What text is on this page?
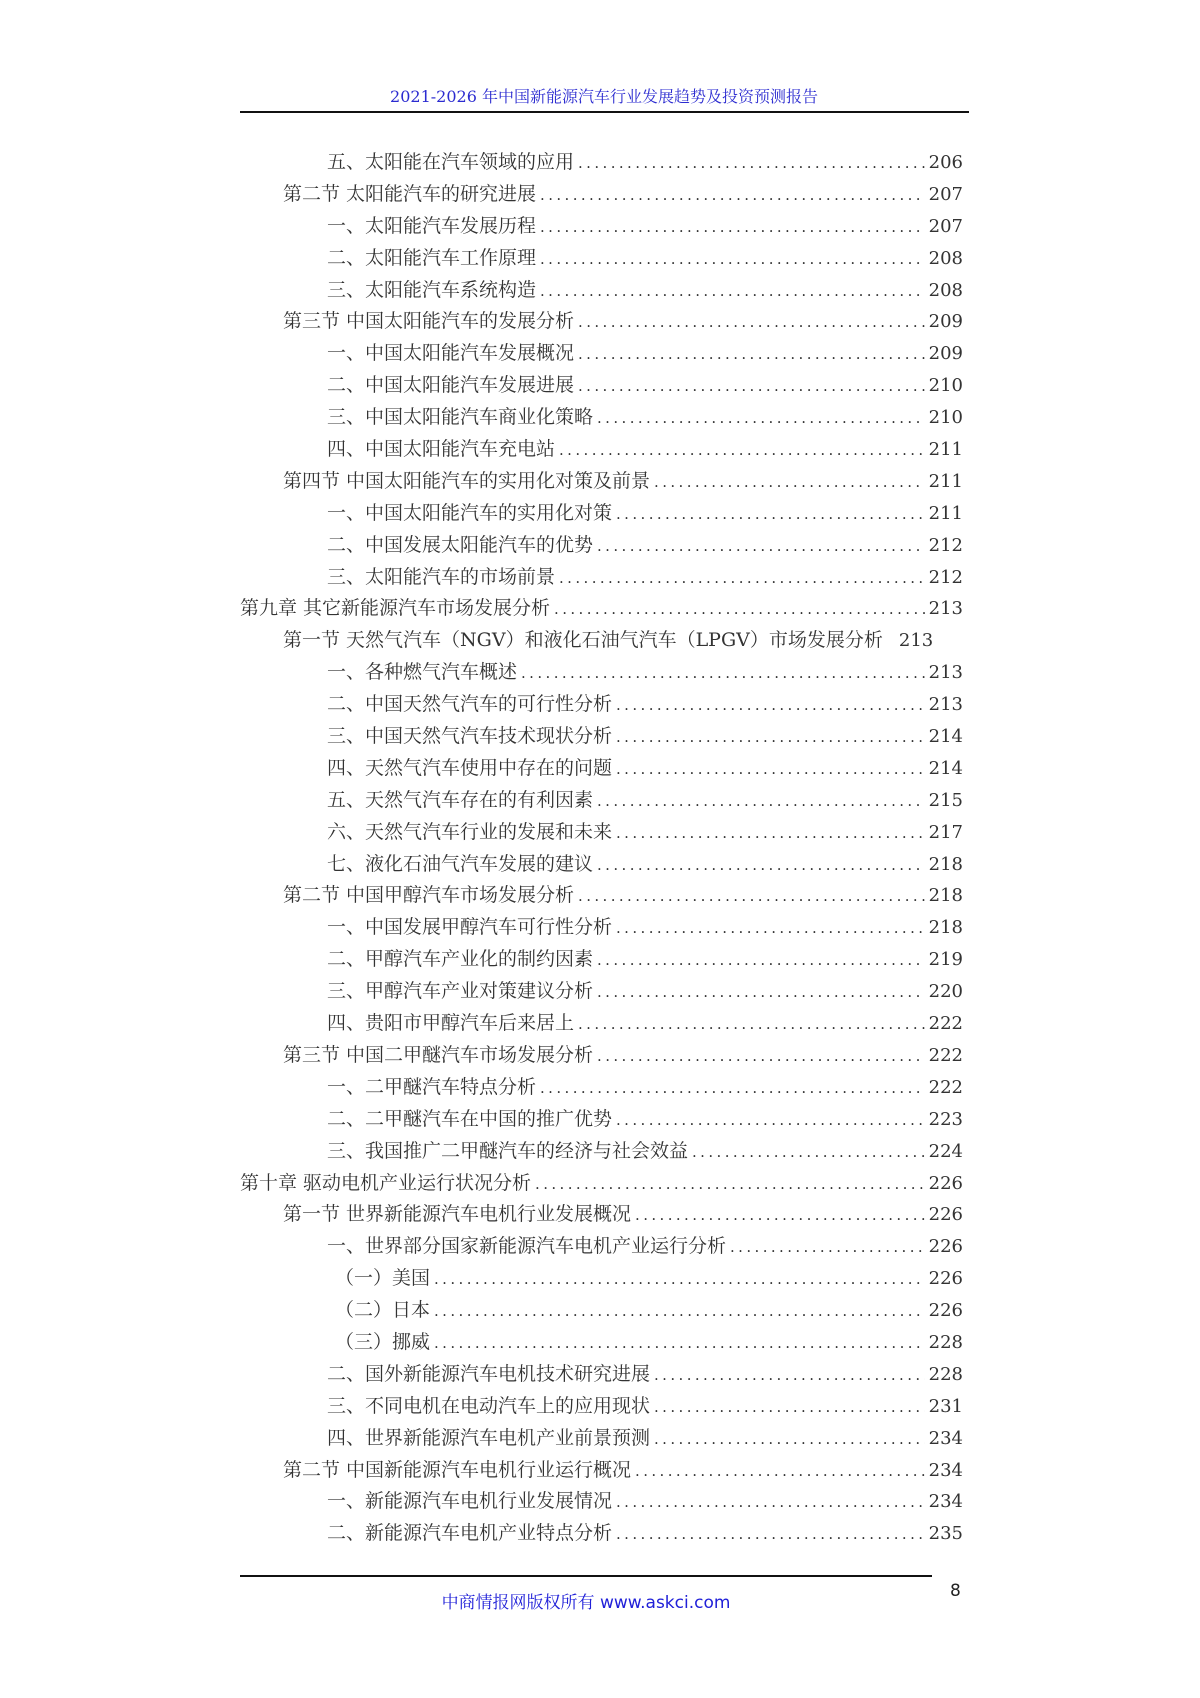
2021-2026 年中国新能源汽车行业发展趋势及投资预测报告
五、太阳能在汽车领域的应用 .....	206
第二节 太阳能汽车的研究进展 .....	207
一、太阳能汽车发展历程 .....	207
二、太阳能汽车工作原理 .....	208
三、太阳能汽车系统构造 .....	208
第三节 中国太阳能汽车的发展分析 .....	209
一、中国太阳能汽车发展概况 .....	209
二、中国太阳能汽车发展进展 .....	210
三、中国太阳能汽车商业化策略 .....	210
四、中国太阳能汽车充电站 .....	211
第四节 中国太阳能汽车的实用化对策及前景 .....	211
一、中国太阳能汽车的实用化对策 .....	211
二、中国发展太阳能汽车的优势 .....	212
三、太阳能汽车的市场前景 .....	212
第九章 其它新能源汽车市场发展分析 .....	213
第一节 天然气汽车（NGV）和液化石油气汽车（LPGV）市场发展分析 213
一、各种燃气汽车概述 .....	213
二、中国天然气汽车的可行性分析 .....	213
三、中国天然气汽车技术现状分析 .....	214
四、天然气汽车使用中存在的问题 .....	214
五、天然气汽车存在的有利因素 .....	215
六、天然气汽车行业的发展和未来 .....	217
七、液化石油气汽车发展的建议 .....	218
第二节 中国甲醇汽车市场发展分析 .....	218
一、中国发展甲醇汽车可行性分析 .....	218
二、甲醇汽车产业化的制约因素 .....	219
三、甲醇汽车产业对策建议分析 .....	220
四、贵阳市甲醇汽车后来居上 .....	222
第三节 中国二甲醚汽车市场发展分析 .....	222
一、二甲醚汽车特点分析 .....	222
二、二甲醚汽车在中国的推广优势 .....	223
三、我国推广二甲醚汽车的经济与社会效益 .....	224
第十章 驱动电机产业运行状况分析 .....	226
第一节 世界新能源汽车电机行业发展概况 .....	226
一、世界部分国家新能源汽车电机产业运行分析 .....	226
（一）美国 .....	226
（二）日本 .....	226
（三）挪威 .....	228
二、国外新能源汽车电机技术研究进展 .....	228
三、不同电机在电动汽车上的应用现状 .....	231
四、世界新能源汽车电机产业前景预测 .....	234
第二节 中国新能源汽车电机行业运行概况 .....	234
一、新能源汽车电机行业发展情况 .....	234
二、新能源汽车电机产业特点分析 .....	235
中商情报网版权所有 www.askci.com
8
